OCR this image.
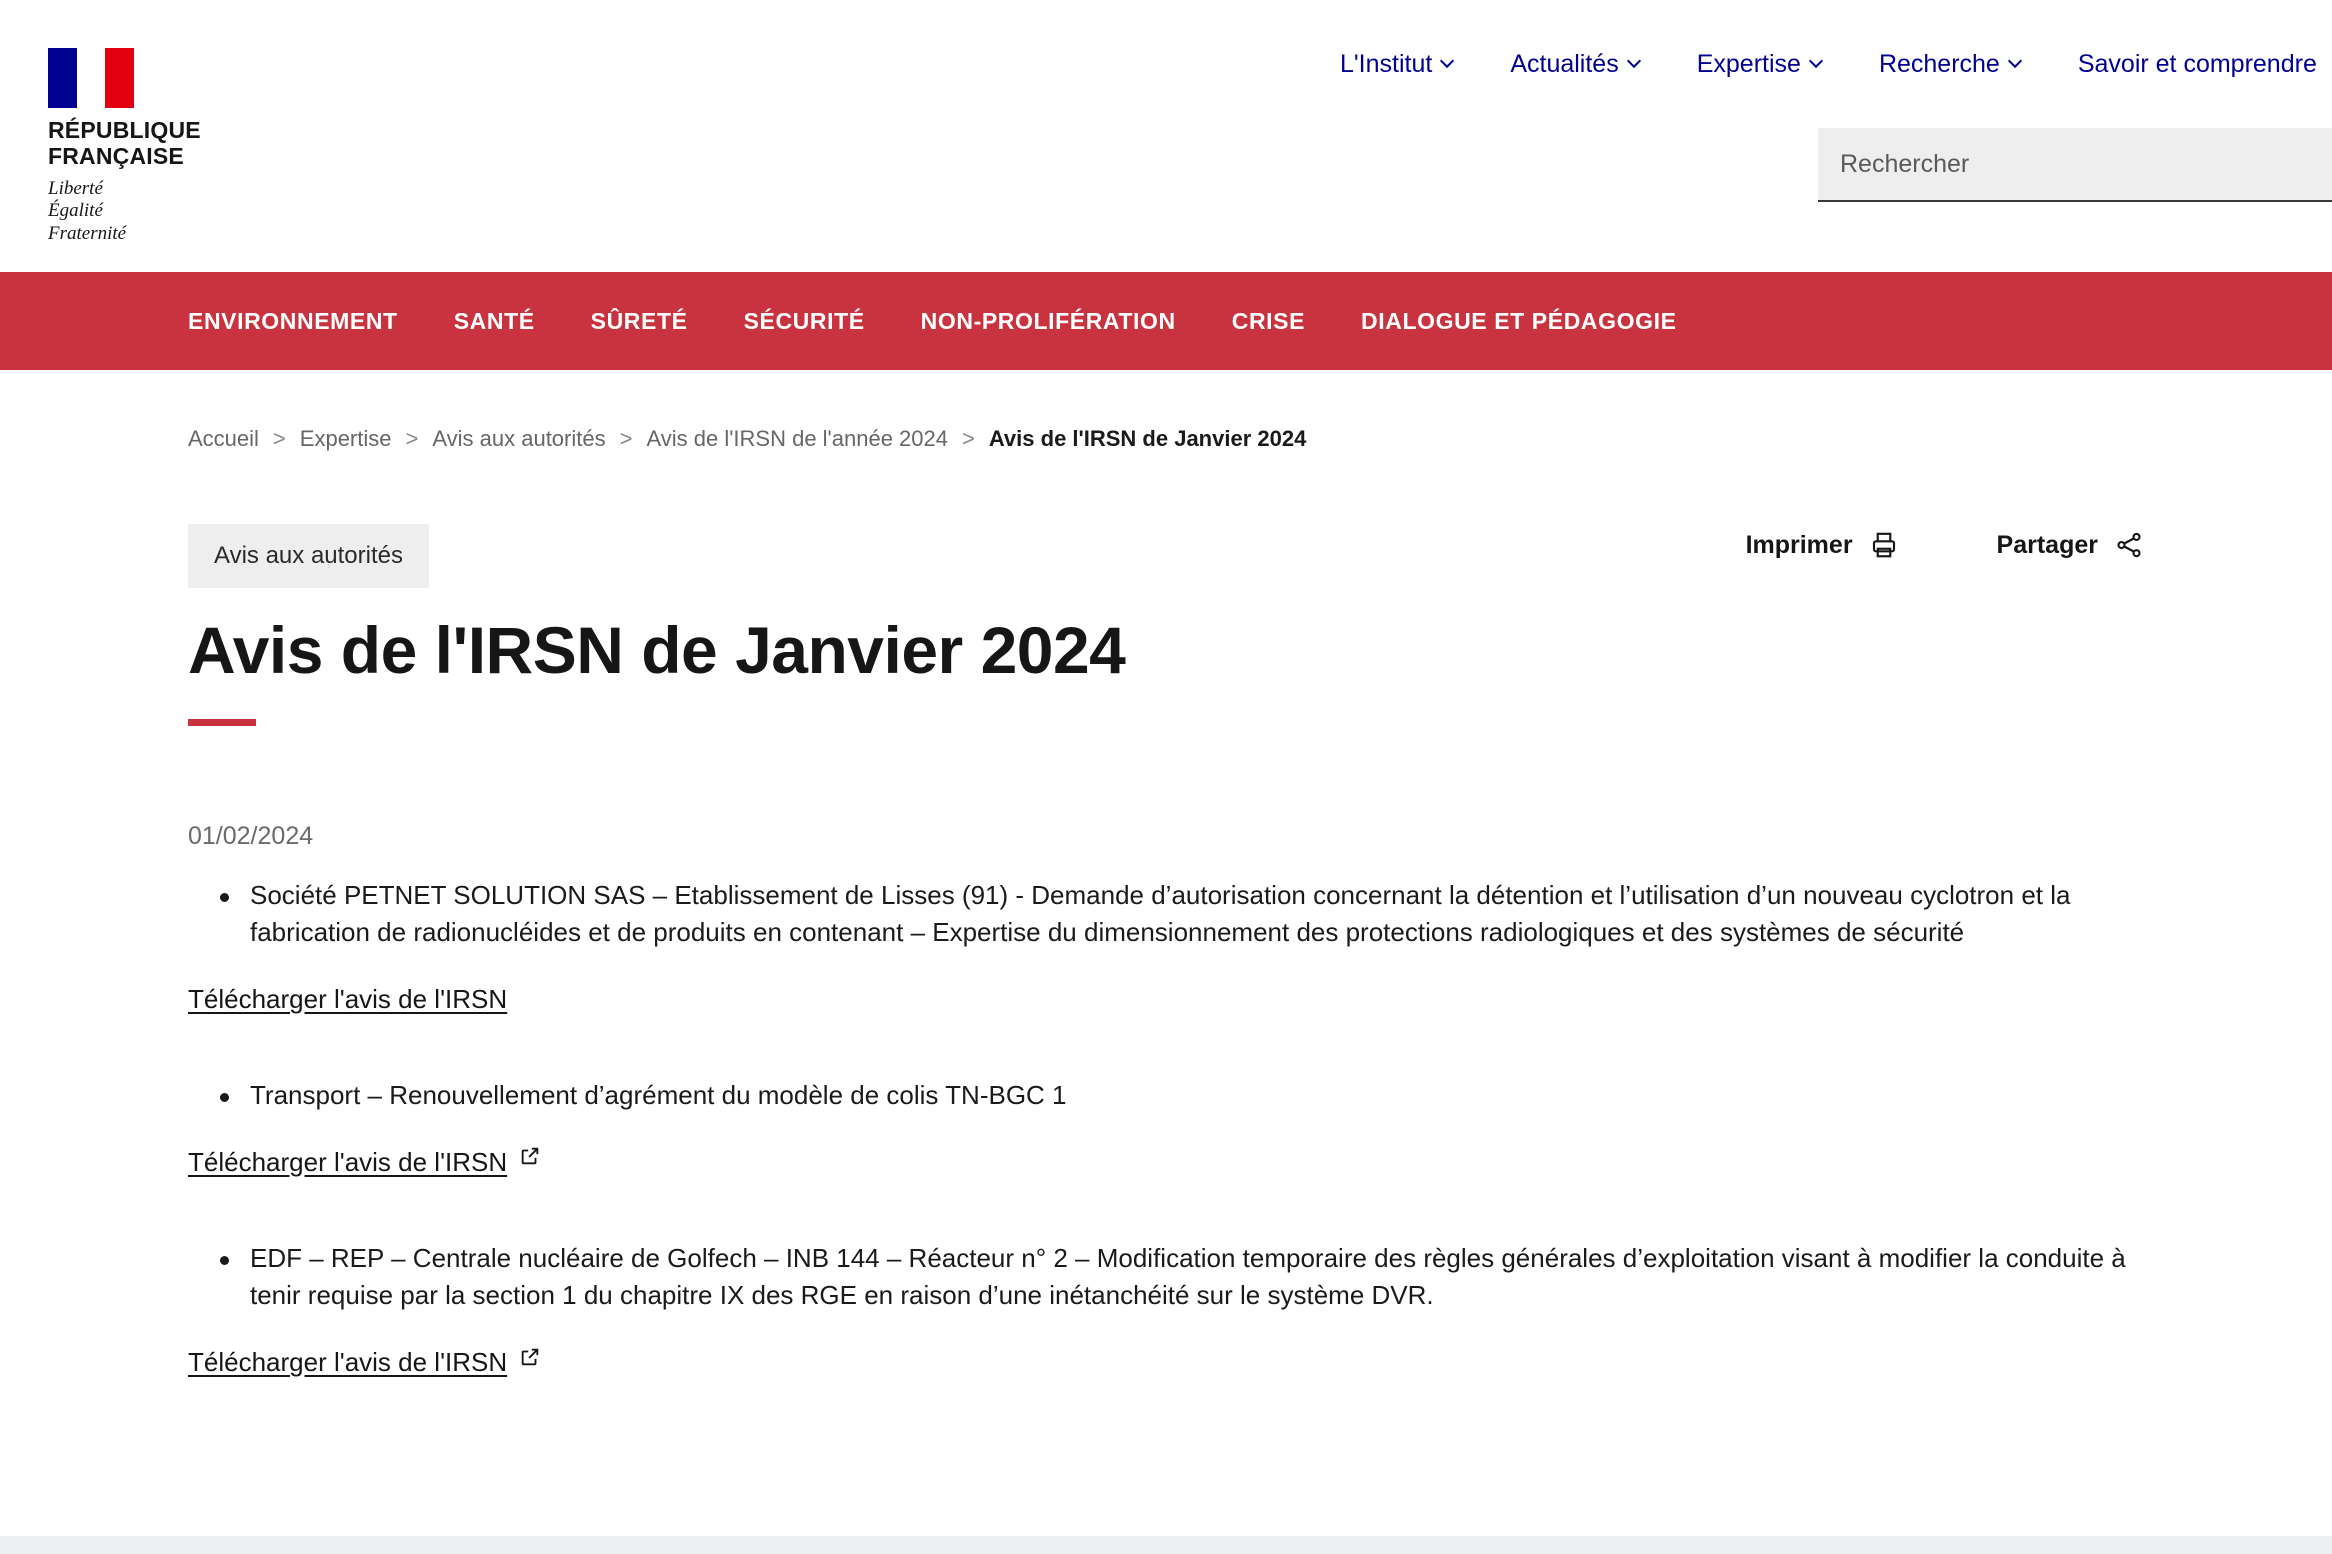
RÉPUBLIQUE FRANÇAISE
Liberté
Égalité
Fraternité
L'Institut	Actualités	Expertise	Recherche	Savoir et comprendre
Rechercher
ENVIRONNEMENT SANTÉ SÛRETÉ SÉCURITÉ NON-PROLIFÉRATION CRISE DIALOGUE ET PÉDAGOGIE
Accueil > Expertise > Avis aux autorités > Avis de l'IRSN de l'année 2024 > Avis de l'IRSN de Janvier 2024
Imprimer	Partager
Avis aux autorités
Avis de l'IRSN de Janvier 2024
01/02/2024
Société PETNET SOLUTION SAS – Etablissement de Lisses (91) - Demande d’autorisation concernant la détention et l’utilisation d’un nouveau cyclotron et la fabrication de radionucléides et de produits en contenant – Expertise du dimensionnement des protections radiologiques et des systèmes de sécurité
Télécharger l'avis de l'IRSN
Transport – Renouvellement d’agrément du modèle de colis TN-BGC 1
Télécharger l'avis de l'IRSN
EDF – REP – Centrale nucléaire de Golfech – INB 144 – Réacteur n° 2 – Modification temporaire des règles générales d’exploitation visant à modifier la conduite à tenir requise par la section 1 du chapitre IX des RGE en raison d’une inétanchéité sur le système DVR.
Télécharger l'avis de l'IRSN
